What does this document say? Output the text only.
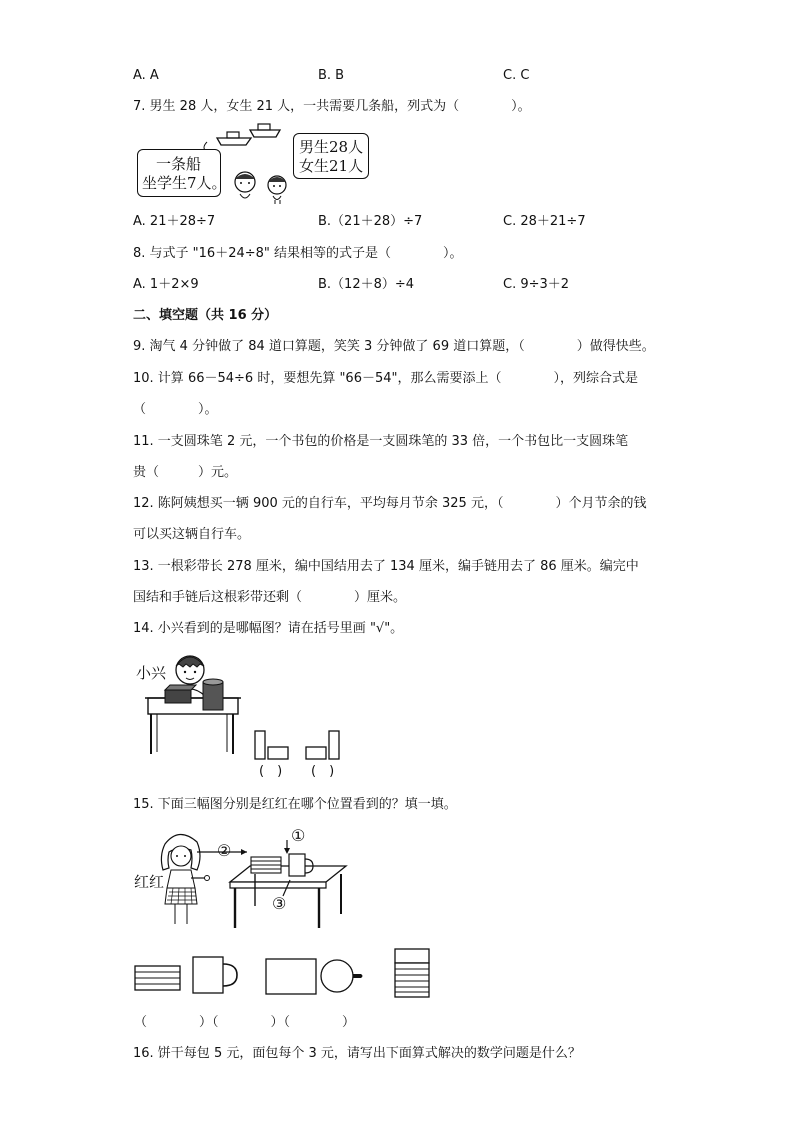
A. A	B. B	C. C
7. 男生 28 人，女生 21 人，一共需要几条船，列式为（　　　　）。
一条船
坐学生7人。
男生28人
女生21人
A. 21＋28÷7	B.（21＋28）÷7	C. 28＋21÷7
8. 与式子 "16＋24÷8" 结果相等的式子是（　　　　）。
A. 1＋2×9	B.（12＋8）÷4	C. 9÷3＋2
二、填空题（共 16 分）
9. 淘气 4 分钟做了 84 道口算题，笑笑 3 分钟做了 69 道口算题，（　　　　）做得快些。
10. 计算 66－54÷6 时，要想先算 "66－54"，那么需要添上（　　　　），列综合式是
（　　　　）。
11. 一支圆珠笔 2 元，一个书包的价格是一支圆珠笔的 33 倍，一个书包比一支圆珠笔
贵（　　　）元。
12. 陈阿姨想买一辆 900 元的自行车，平均每月节余 325 元，（　　　　）个月节余的钱
可以买这辆自行车。
13. 一根彩带长 278 厘米，编中国结用去了 134 厘米，编手链用去了 86 厘米。编完中
国结和手链后这根彩带还剩（　　　　）厘米。
14. 小兴看到的是哪幅图？请在括号里画 "√"。
小兴
(　) (　)
15. 下面三幅图分别是红红在哪个位置看到的？填一填。
红红
①
②
③
（　　　　）（　　　　）（　　　　）
16. 饼干每包 5 元，面包每个 3 元，请写出下面算式解决的数学问题是什么？
